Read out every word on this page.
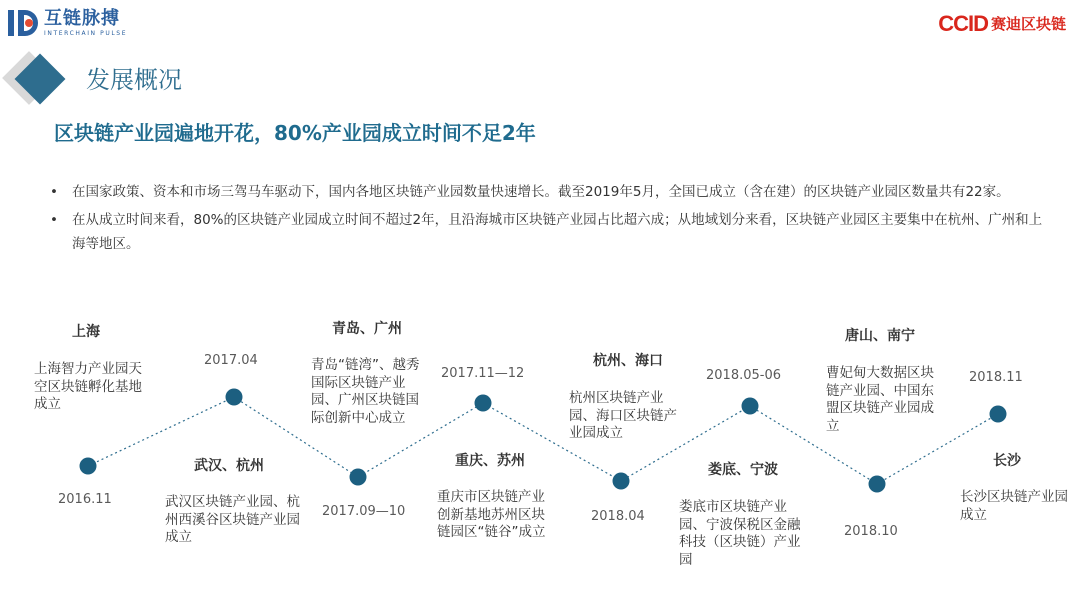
互链脉搏
INTERCHAIN PULSE	CCID 赛迪区块链
发展概况
区块链产业园遍地开花，80%产业园成立时间不足2年
•	在国家政策、资本和市场三驾马车驱动下，国内各地区块链产业园数量快速增长。截至2019年5月，全国已成立（含在建）的区块链产业园区数量共有22家。
•	在从成立时间来看，80%的区块链产业园成立时间不超过2年，且沿海城市区块链产业园占比超六成；从地域划分来看，区块链产业园区主要集中在杭州、广州和上海等地区。
上海
上海智力产业园天空区块链孵化基地成立
2016.11
2017.04
武汉、杭州
武汉区块链产业园、杭州西溪谷区块链产业园成立
青岛、广州
青岛“链湾”、越秀国际区块链产业园、广州区块链国际创新中心成立
2017.09—10
2017.11—12
重庆、苏州
重庆市区块链产业创新基地苏州区块链园区“链谷”成立
杭州、海口
杭州区块链产业园、海口区块链产业园成立
2018.04
2018.05-06
娄底、宁波
娄底市区块链产业园、宁波保税区金融科技（区块链）产业园
唐山、南宁
曹妃甸大数据区块链产业园、中国东盟区块链产业园成立
2018.10
2018.11
长沙
长沙区块链产业园成立
